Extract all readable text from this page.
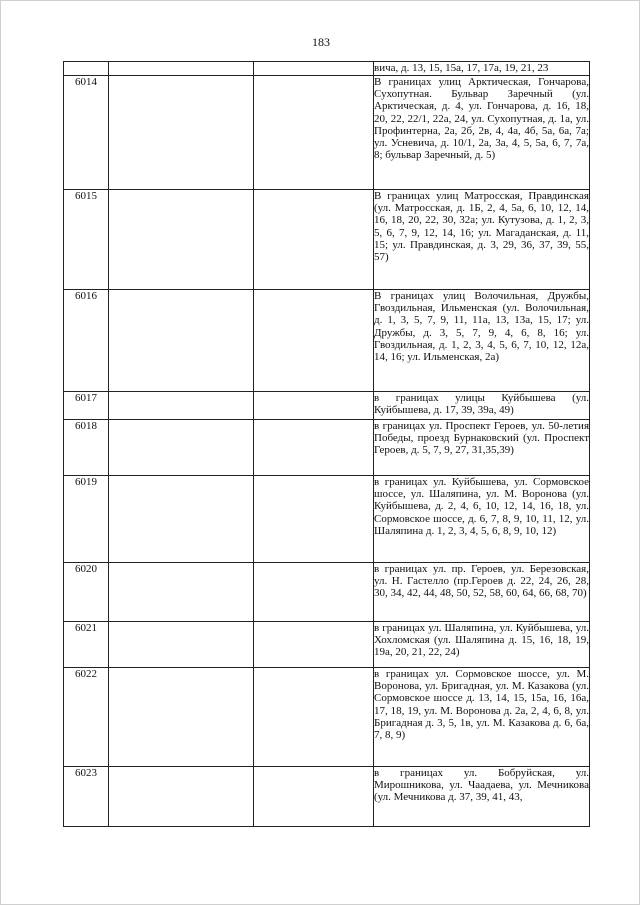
183
			вича, д. 13, 15, 15а, 17, 17а, 19, 21, 23
6014			В границах улиц Арктическая, Гончарова, Сухопутная. Бульвар Заречный (ул. Арктическая, д. 4, ул. Гончарова, д. 16, 18, 20, 22, 22/1, 22а, 24, ул. Сухопутная, д. 1а, ул. Профинтерна, 2а, 2б, 2в, 4, 4а, 4б, 5а, 6а, 7а; ул. Усневича, д. 10/1, 2а, 3а, 4, 5, 5а, 6, 7, 7а, 8; бульвар Заречный, д. 5)
6015			В границах улиц Матросская, Правдинская (ул. Матросская, д. 1Б, 2, 4, 5а, 6, 10, 12, 14, 16, 18, 20, 22, 30, 32а; ул. Кутузова, д. 1, 2, 3, 5, 6, 7, 9, 12, 14, 16; ул. Магаданская, д. 11, 15; ул. Правдинская, д. 3, 29, 36, 37, 39, 55, 57)
6016			В границах улиц Волочильная, Дружбы, Гвоздильная, Ильменская (ул. Волочильная, д. 1, 3, 5, 7, 9, 11, 11а, 13, 13а, 15, 17; ул. Дружбы, д. 3, 5, 7, 9, 4, 6, 8, 16; ул. Гвоздильная, д. 1, 2, 3, 4, 5, 6, 7, 10, 12, 12а, 14, 16; ул. Ильменская, 2а)
6017			в границах улицы Куйбышева (ул. Куйбышева, д. 17, 39, 39а, 49)
6018			в границах ул. Проспект Героев, ул. 50-летия Победы, проезд Бурнаковский (ул. Проспект Героев, д. 5, 7, 9, 27, 31,35,39)
6019			в границах ул. Куйбышева, ул. Сормовское шоссе, ул. Шаляпина, ул. М. Воронова (ул. Куйбышева, д. 2, 4, 6, 10, 12, 14, 16, 18, ул. Сормовское шоссе, д. 6, 7, 8, 9, 10, 11, 12, ул. Шаляпина д. 1, 2, 3, 4, 5, 6, 8, 9, 10, 12)
6020			в границах ул. пр. Героев, ул. Березовская, ул. Н. Гастелло (пр.Героев д. 22, 24, 26, 28, 30, 34, 42, 44, 48, 50, 52, 58, 60, 64, 66, 68, 70)
6021			в границах ул. Шаляпина, ул. Куйбышева, ул. Хохломская (ул. Шаляпина д. 15, 16, 18, 19, 19а, 20, 21, 22, 24)
6022			в границах ул. Сормовское шоссе, ул. М. Воронова, ул. Бригадная, ул. М. Казакова (ул. Сормовское шоссе д. 13, 14, 15, 15а, 16, 16а, 17, 18, 19, ул. М. Воронова д. 2а, 2, 4, 6, 8, ул. Бригадная д. 3, 5, 1в, ул. М. Казакова д. 6, 6а, 7, 8, 9)
6023			в границах ул. Бобруйская, ул. Мирошникова, ул. Чаадаева, ул. Мечникова (ул. Мечникова д. 37, 39, 41, 43,
